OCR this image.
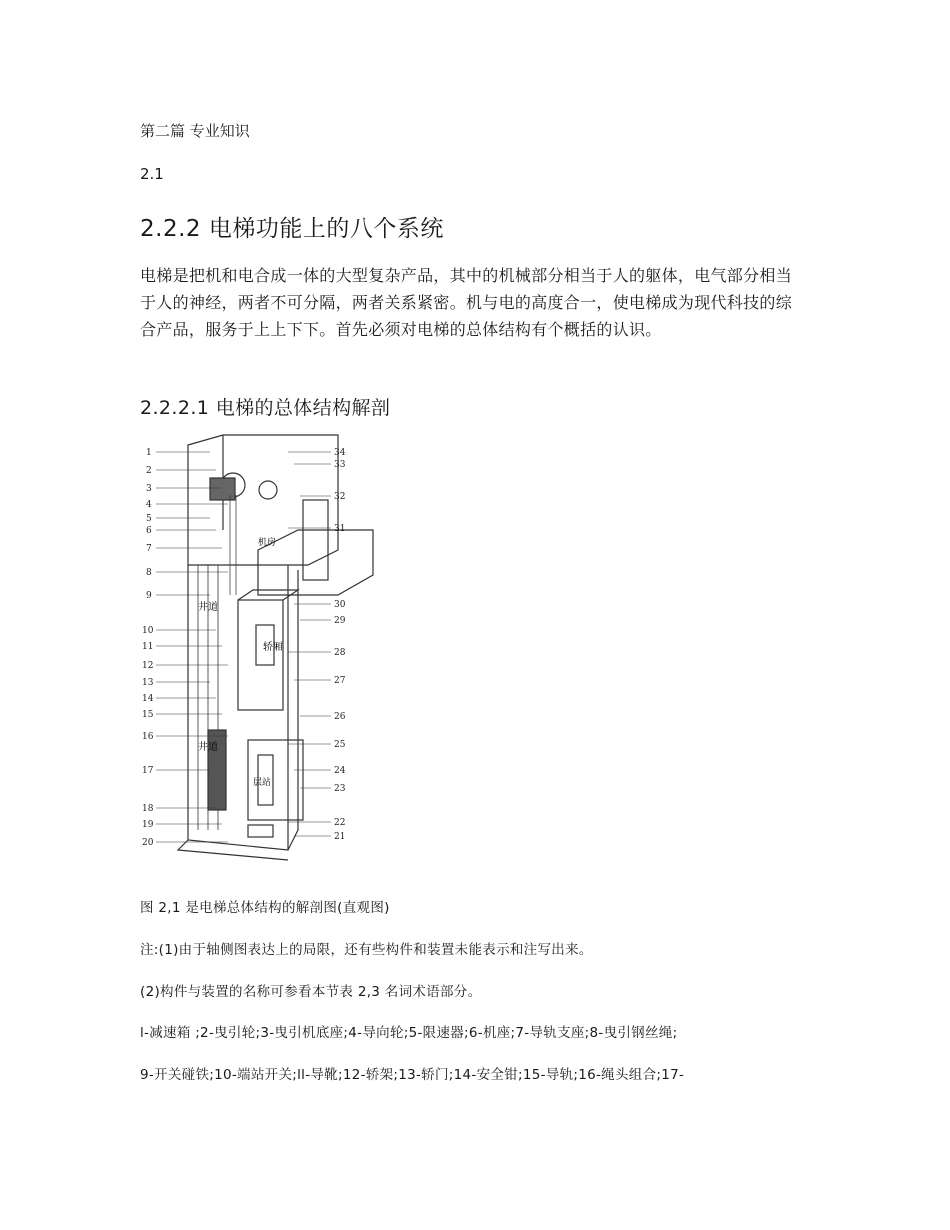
第二篇 专业知识
2.1
2.2.2 电梯功能上的八个系统
电梯是把机和电合成一体的大型复杂产品，其中的机械部分相当于人的躯体，电气部分相当于人的神经，两者不可分隔，两者关系紧密。机与电的高度合一，使电梯成为现代科技的综合产品，服务于上上下下。首先必须对电梯的总体结构有个概括的认识。
2.2.2.1 电梯的总体结构解剖
1
2
3
4
5
6
7
8
9
10
11
12
13
14
15
16
17
18
19
20
34
33
32
31
30
29
28
27
26
25
24
23
22
21
井道
井道
轿厢
机房
层站
图 2,1 是电梯总体结构的解剖图(直观图)
注:(1)由于轴侧图表达上的局限，还有些构件和装置未能表示和注写出来。
(2)构件与装置的名称可参看本节表 2,3 名词术语部分。
l-减速箱 ;2-曳引轮;3-曳引机底座;4-导向轮;5-限速器;6-机座;7-导轨支座;8-曳引钢丝绳;
9-开关碰铁;10-端站开关;ll-导靴;12-轿架;13-轿门;14-安全钳;15-导轨;16-绳头组合;17-
